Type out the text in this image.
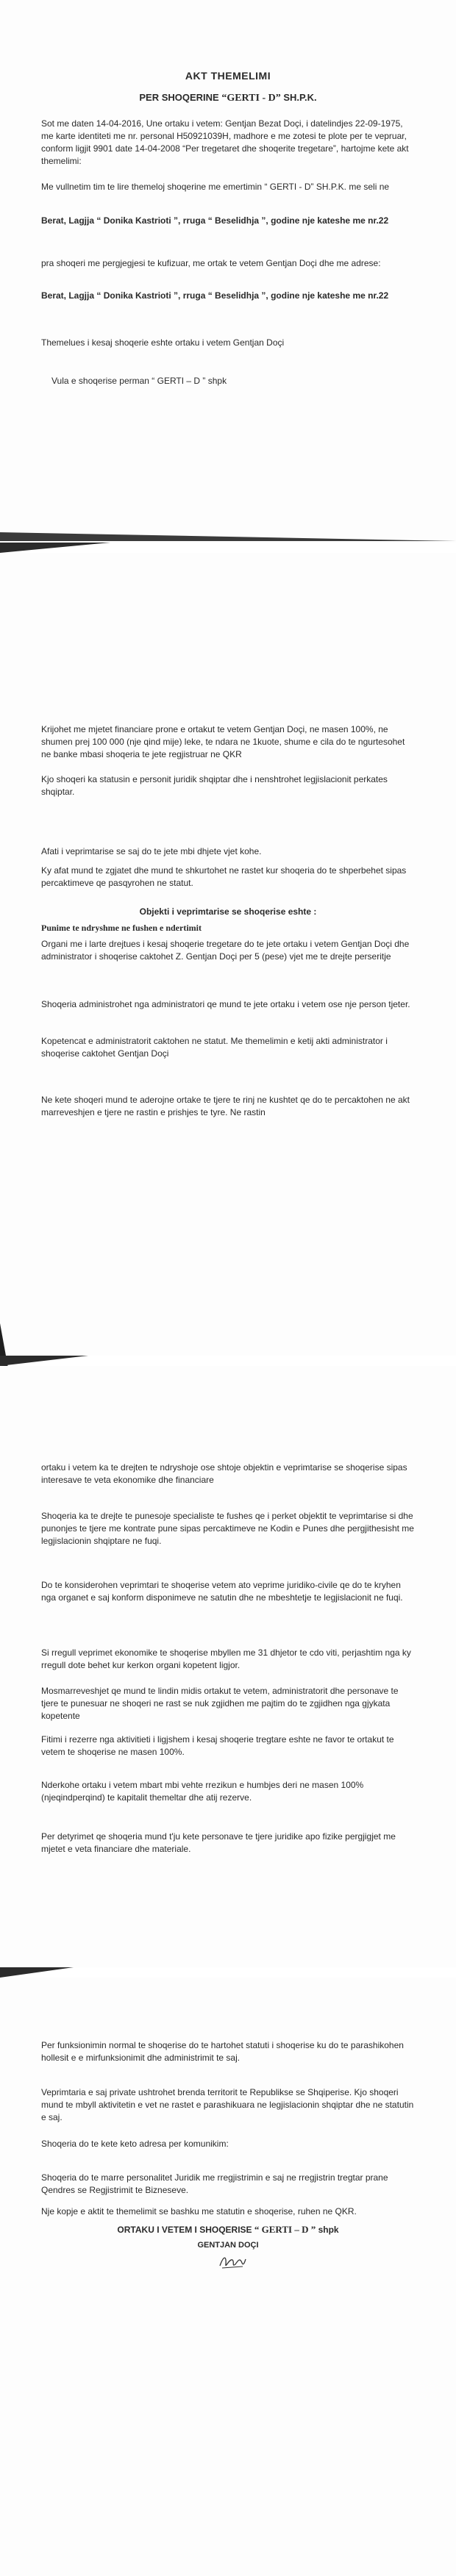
AKT THEMELIMI
PER SHOQERINE “GERTI - D” SH.P.K.
Sot me daten 14-04-2016, Une ortaku i vetem: Gentjan Bezat Doçi, i datelindjes 22-09-1975, me karte identiteti me nr. personal H50921039H, madhore e me zotesi te plote per te vepruar, conform ligjit 9901 date 14-04-2008 “Per tregetaret dhe shoqerite tregetare”, hartojme kete akt themelimi:
Me vullnetim tim te lire themeloj shoqerine me emertimin “ GERTI - D” SH.P.K. me seli ne
Berat, Lagjja “ Donika Kastrioti ”, rruga “ Beselidhja ”, godine nje kateshe me nr.22
pra shoqeri me pergjegjesi te kufizuar, me ortak te vetem Gentjan Doçi dhe me adrese:
Berat, Lagjja “ Donika Kastrioti ”, rruga “ Beselidhja ”, godine nje kateshe me nr.22
Themelues i kesaj shoqerie eshte ortaku i vetem Gentjan Doçi
Vula e shoqerise perman “ GERTI – D ” shpk
Krijohet me mjetet financiare prone e ortakut te vetem Gentjan Doçi, ne masen 100%, ne shumen prej 100 000 (nje qind mije) leke, te ndara ne 1kuote, shume e cila do te ngurtesohet ne banke mbasi shoqeria te jete regjistruar ne QKR
Kjo shoqeri ka statusin e personit juridik shqiptar dhe i nenshtrohet legjislacionit perkates shqiptar.
Afati i veprimtarise se saj do te jete mbi dhjete vjet kohe.
Ky afat mund te zgjatet dhe mund te shkurtohet ne rastet kur shoqeria do te shperbehet sipas percaktimeve qe pasqyrohen ne statut.
Objekti i veprimtarise se shoqerise eshte :
Punime te ndryshme ne fushen e ndertimit
Organi me i larte drejtues i kesaj shoqerie tregetare do te jete ortaku i vetem Gentjan Doçi dhe administrator i shoqerise caktohet Z. Gentjan Doçi per 5 (pese) vjet me te drejte perseritje
Shoqeria administrohet nga administratori qe mund te jete ortaku i vetem ose nje person tjeter.
Kopetencat e administratorit caktohen ne statut. Me themelimin e ketij akti administrator i shoqerise caktohet Gentjan Doçi
Ne kete shoqeri mund te aderojne ortake te tjere te rinj ne kushtet qe do te percaktohen ne akt marreveshjen e tjere ne rastin e prishjes te tyre. Ne rastin
ortaku i vetem ka te drejten te ndryshoje ose shtoje objektin e veprimtarise se shoqerise sipas interesave te veta ekonomike dhe financiare
Shoqeria ka te drejte te punesoje specialiste te fushes qe i perket objektit te veprimtarise si dhe punonjes te tjere me kontrate pune sipas percaktimeve ne Kodin e Punes dhe pergjithesisht me legjislacionin shqiptare ne fuqi.
Do te konsiderohen veprimtari te shoqerise vetem ato veprime juridiko-civile qe do te kryhen nga organet e saj konform disponimeve ne satutin dhe ne mbeshtetje te legjislacionit ne fuqi.
Si rregull veprimet ekonomike te shoqerise mbyllen me 31 dhjetor te cdo viti, perjashtim nga ky rregull dote behet kur kerkon organi kopetent ligjor.
Mosmarreveshjet qe mund te lindin midis ortakut te vetem, administratorit dhe personave te tjere te punesuar ne shoqeri ne rast se nuk zgjidhen me pajtim do te zgjidhen nga gjykata kopetente
Fitimi i rezerre nga aktivitieti i ligjshem i kesaj shoqerie tregtare eshte ne favor te ortakut te vetem te shoqerise ne masen 100%.
Nderkohe ortaku i vetem mbart mbi vehte rrezikun e humbjes deri ne masen 100% (njeqindperqind) te kapitalit themeltar dhe atij rezerve.
Per detyrimet qe shoqeria mund t'ju kete personave te tjere juridike apo fizike pergjigjet me mjetet e veta financiare dhe materiale.
Per funksionimin normal te shoqerise do te hartohet statuti i shoqerise ku do te parashikohen hollesit e e mirfunksionimit dhe administrimit te saj.
Veprimtaria e saj private ushtrohet brenda territorit te Republikse se Shqiperise. Kjo shoqeri mund te mbyll aktivitetin e vet ne rastet e parashikuara ne legjislacionin shqiptar dhe ne statutin e saj.
Shoqeria do te kete keto adresa per komunikim:
Shoqeria do te marre personalitet Juridik me rregjistrimin e saj ne rregjistrin tregtar prane Qendres se Regjistrimit te Bizneseve.
Nje kopje e aktit te themelimit se bashku me statutin e shoqerise, ruhen ne QKR.
ORTAKU I VETEM I SHOQERISE “ GERTI – D ” shpk
GENTJAN DOÇI
